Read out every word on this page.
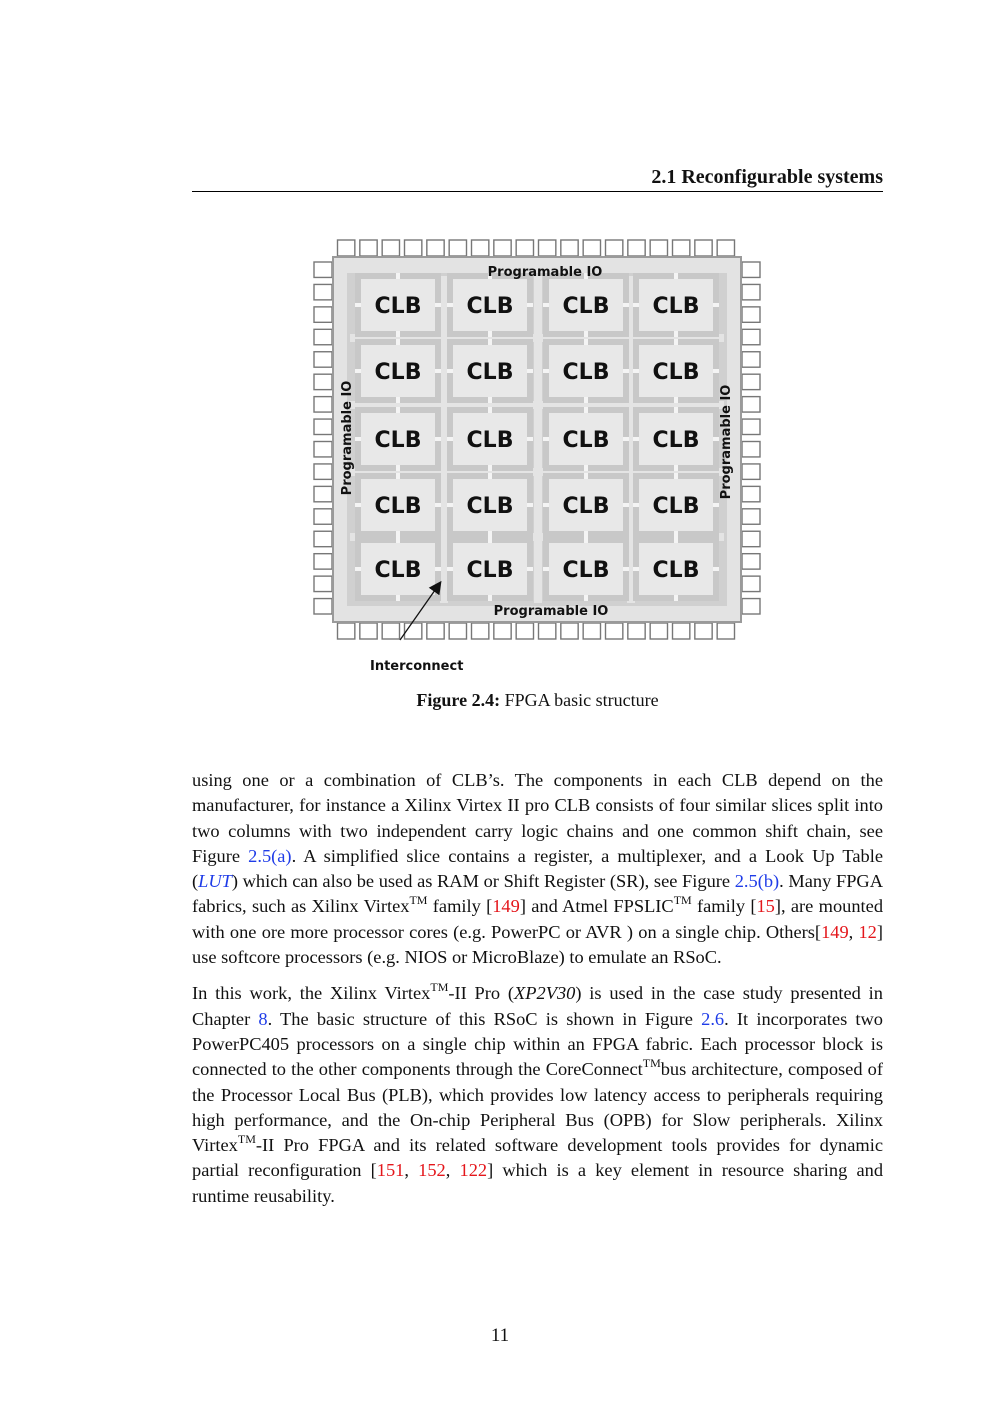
2.1 Reconfigurable systems
CLB CLB CLB CLB
CLB CLB CLB CLB
CLB CLB CLB CLB
CLB CLB CLB CLB
CLB CLB CLB CLB
Programable IO
Programable IO
Programable IO	Programable IO
Interconnect
Figure 2.4: FPGA basic structure

using one or a combination of CLB’s. The components in each CLB depend on the manufacturer, for instance a Xilinx Virtex II pro CLB consists of four similar slices split into two columns with two independent carry logic chains and one common shift chain, see Figure 2.5(a). A simplified slice contains a register, a multiplexer, and a Look Up Table (LUT) which can also be used as RAM or Shift Register (SR), see Figure 2.5(b). Many FPGA fabrics, such as Xilinx Virtex™ family [149] and Atmel FPSLIC™ family [15], are mounted with one ore more processor cores (e.g. PowerPC or AVR ) on a single chip. Others[149, 12] use softcore processors (e.g. NIOS or MicroBlaze) to emulate an RSoC.

In this work, the Xilinx Virtex™-II Pro (XP2V30) is used in the case study presented in Chapter 8. The basic structure of this RSoC is shown in Figure 2.6. It incorporates two PowerPC405 processors on a single chip within an FPGA fabric. Each processor block is connected to the other components through the CoreConnect™bus architecture, composed of the Processor Local Bus (PLB), which provides low latency access to peripherals requiring high performance, and the On-chip Peripheral Bus (OPB) for Slow peripherals. Xilinx Virtex™-II Pro FPGA and its related software development tools provides for dynamic partial reconfiguration [151, 152, 122] which is a key element in resource sharing and runtime reusability.

11
